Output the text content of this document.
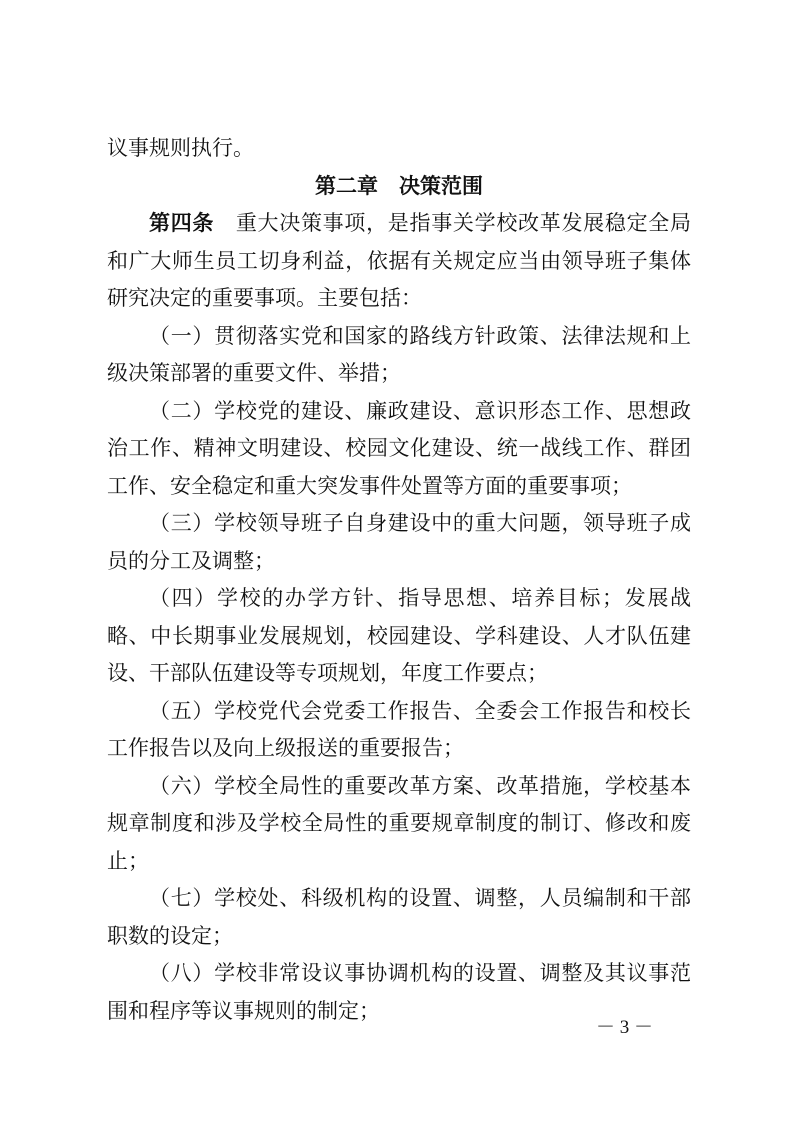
议事规则执行。

第二章　决策范围

第四条　重大决策事项，是指事关学校改革发展稳定全局和广大师生员工切身利益，依据有关规定应当由领导班子集体研究决定的重要事项。主要包括：

（一）贯彻落实党和国家的路线方针政策、法律法规和上级决策部署的重要文件、举措；

（二）学校党的建设、廉政建设、意识形态工作、思想政治工作、精神文明建设、校园文化建设、统一战线工作、群团工作、安全稳定和重大突发事件处置等方面的重要事项；

（三）学校领导班子自身建设中的重大问题，领导班子成员的分工及调整；

（四）学校的办学方针、指导思想、培养目标；发展战略、中长期事业发展规划，校园建设、学科建设、人才队伍建设、干部队伍建设等专项规划，年度工作要点；

（五）学校党代会党委工作报告、全委会工作报告和校长工作报告以及向上级报送的重要报告；

（六）学校全局性的重要改革方案、改革措施，学校基本规章制度和涉及学校全局性的重要规章制度的制订、修改和废止；

（七）学校处、科级机构的设置、调整，人员编制和干部职数的设定；

（八）学校非常设议事协调机构的设置、调整及其议事范围和程序等议事规则的制定；

－ 3 －
